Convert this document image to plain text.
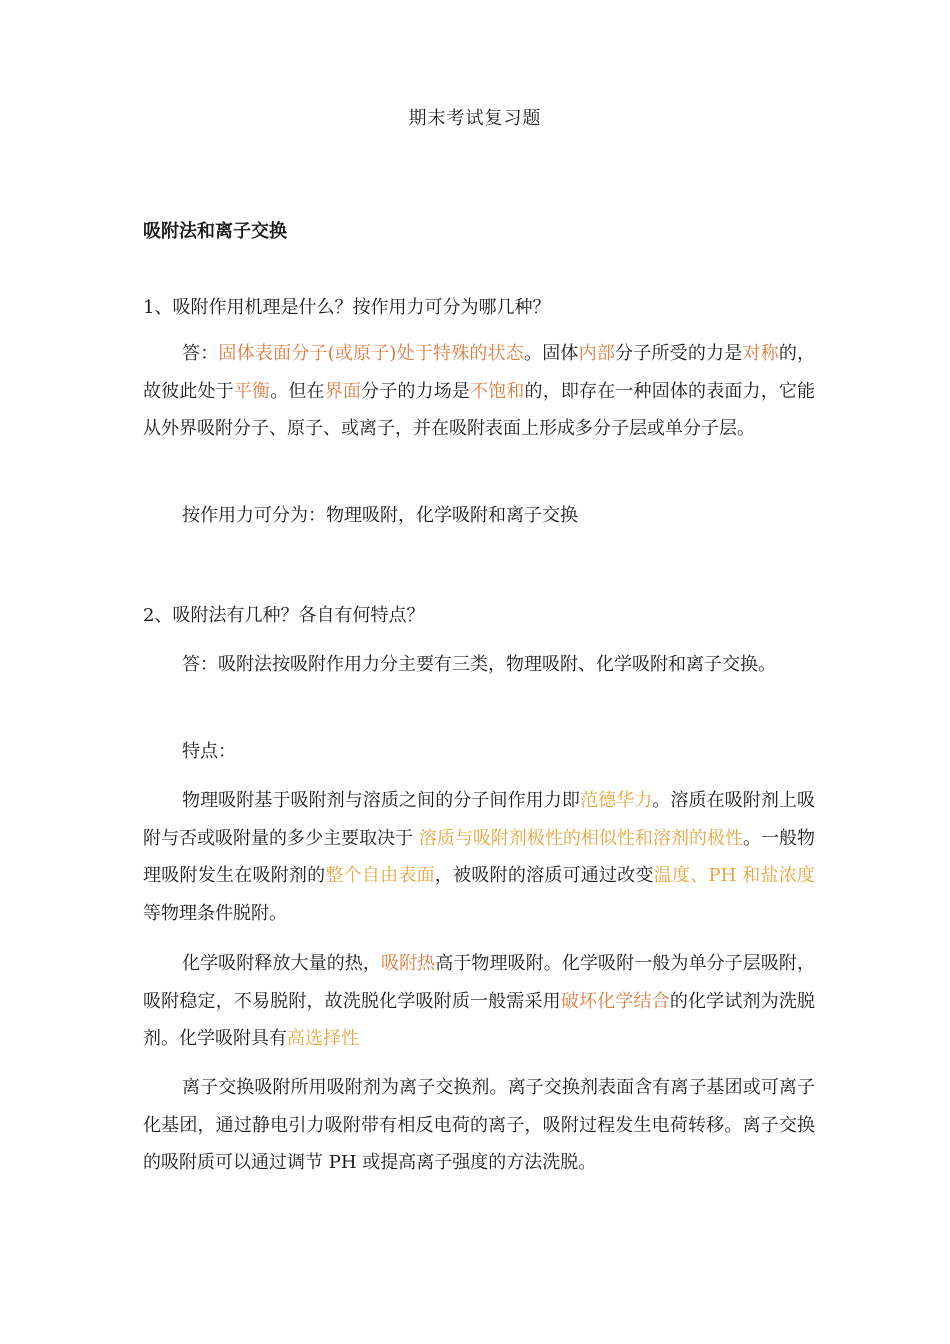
期末考试复习题
吸附法和离子交换
1、吸附作用机理是什么？按作用力可分为哪几种？
答：固体表面分子(或原子)处于特殊的状态。固体内部分子所受的力是对称的，故彼此处于平衡。但在界面分子的力场是不饱和的，即存在一种固体的表面力，它能从外界吸附分子、原子、或离子，并在吸附表面上形成多分子层或单分子层。
按作用力可分为：物理吸附，化学吸附和离子交换
2、吸附法有几种？各自有何特点？
答：吸附法按吸附作用力分主要有三类，物理吸附、化学吸附和离子交换。
特点：
物理吸附基于吸附剂与溶质之间的分子间作用力即范德华力。溶质在吸附剂上吸附与否或吸附量的多少主要取决于 溶质与吸附剂极性的相似性和溶剂的极性。一般物理吸附发生在吸附剂的整个自由表面，被吸附的溶质可通过改变温度、PH 和盐浓度等物理条件脱附。
化学吸附释放大量的热，吸附热高于物理吸附。化学吸附一般为单分子层吸附，吸附稳定，不易脱附，故洗脱化学吸附质一般需采用破坏化学结合的化学试剂为洗脱剂。化学吸附具有高选择性
离子交换吸附所用吸附剂为离子交换剂。离子交换剂表面含有离子基团或可离子化基团，通过静电引力吸附带有相反电荷的离子，吸附过程发生电荷转移。离子交换的吸附质可以通过调节 PH 或提高离子强度的方法洗脱。
